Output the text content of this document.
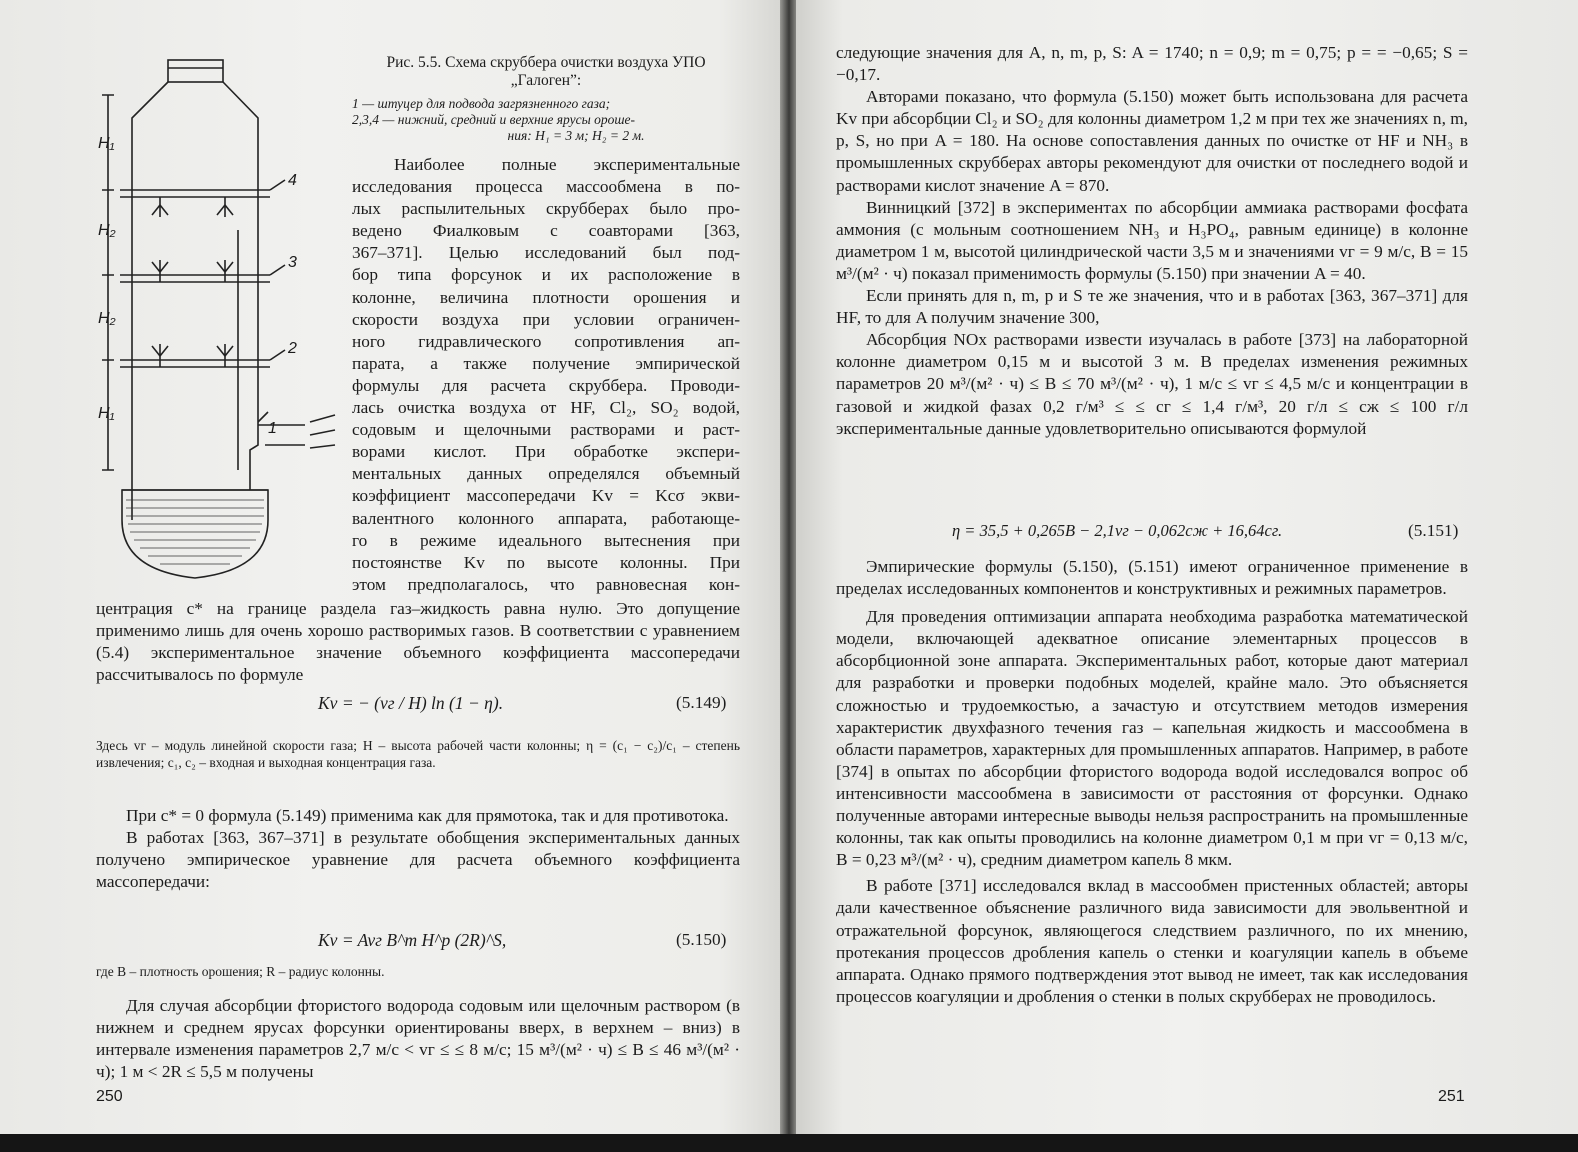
H₁
H₂
H₂
H₁
4
3
2
1
Рис. 5.5. Схема скруббера очистки воздуха УПО
„Галоген”:
1 — штуцер для подвода загрязненного газа;
2,3,4 — нижний, средний и верхние ярусы ороше-
ния: H₁ = 3 м; H₂ = 2 м.
Наиболее полные экспериментальные
исследования процесса массообмена в по-
лых распылительных скрубберах было про-
ведено Фиалковым с соавторами [363,
367–371]. Целью исследований был под-
бор типа форсунок и их расположение в
колонне, величина плотности орошения и
скорости воздуха при условии ограничен-
ного гидравлического сопротивления ап-
парата, а также получение эмпирической
формулы для расчета скруббера. Проводи-
лась очистка воздуха от HF, Cl₂, SO₂ водой,
содовым и щелочными растворами и раст-
ворами кислот. При обработке экспери-
ментальных данных определялся объемный
коэффициент массопередачи Kv = Kcσ экви-
валентного колонного аппарата, работающе-
го в режиме идеального вытеснения при
постоянстве Kv по высоте колонны. При
этом предполагалось, что равновесная кон-

центрация c* на границе раздела газ–жидкость равна нулю. Это допущение применимо лишь для очень хорошо растворимых газов. В соответствии с уравнением (5.4) экспериментальное значение объемного коэффициента массопередачи рассчитывалось по формуле

Kv = − (vг / H) ln (1 − η).	(5.149)

Здесь vг – модуль линейной скорости газа; H – высота рабочей части колонны; η = (c₁ − c₂)/c₁ – степень извлечения; c₁, c₂ – входная и выходная концентрация газа.

При c* = 0 формула (5.149) применима как для прямотока, так и для противотока.

В работах [363, 367–371] в результате обобщения экспериментальных данных получено эмпирическое уравнение для расчета объемного коэффициента массопередачи:

Kv = Avг B^m H^p (2R)^S,	(5.150)

где B – плотность орошения; R – радиус колонны.

Для случая абсорбции фтористого водорода содовым или щелочным раствором (в нижнем и среднем ярусах форсунки ориентированы вверх, в верхнем – вниз) в интервале изменения параметров 2,7 м/с < vг ≤ ≤ 8 м/с; 15 м³/(м² · ч) ≤ B ≤ 46 м³/(м² · ч); 1 м < 2R ≤ 5,5 м получены

250

следующие значения для A, n, m, p, S: A = 1740; n = 0,9; m = 0,75; p = = −0,65; S = −0,17.

Авторами показано, что формула (5.150) может быть использована для расчета Kv при абсорбции Cl₂ и SO₂ для колонны диаметром 1,2 м при тех же значениях n, m, p, S, но при A = 180. На основе сопоставления данных по очистке от HF и NH₃ в промышленных скрубберах авторы рекомендуют для очистки от последнего водой и растворами кислот значение A = 870.

Винницкий [372] в экспериментах по абсорбции аммиака растворами фосфата аммония (с мольным соотношением NH₃ и H₃PO₄, равным единице) в колонне диаметром 1 м, высотой цилиндрической части 3,5 м и значениями vг = 9 м/с, B = 15 м³/(м² · ч) показал применимость формулы (5.150) при значении A = 40.

Если принять для n, m, p и S те же значения, что и в работах [363, 367–371] для HF, то для A получим значение 300,

Абсорбция NOx растворами извести изучалась в работе [373] на лабораторной колонне диаметром 0,15 м и высотой 3 м. В пределах изменения режимных параметров 20 м³/(м² · ч) ≤ B ≤ 70 м³/(м² · ч), 1 м/с ≤ vг ≤ 4,5 м/с и концентрации в газовой и жидкой фазах 0,2 г/м³ ≤ ≤ cг ≤ 1,4 г/м³, 20 г/л ≤ cж ≤ 100 г/л экспериментальные данные удовлетворительно описываются формулой

η = 35,5 + 0,265B − 2,1vг − 0,062cж + 16,64cг.	(5.151)

Эмпирические формулы (5.150), (5.151) имеют ограниченное применение в пределах исследованных компонентов и конструктивных и режимных параметров.

Для проведения оптимизации аппарата необходима разработка математической модели, включающей адекватное описание элементарных процессов в абсорбционной зоне аппарата. Экспериментальных работ, которые дают материал для разработки и проверки подобных моделей, крайне мало. Это объясняется сложностью и трудоемкостью, а зачастую и отсутствием методов измерения характеристик двухфазного течения газ – капельная жидкость и массообмена в области параметров, характерных для промышленных аппаратов. Например, в работе [374] в опытах по абсорбции фтористого водорода водой исследовался вопрос об интенсивности массообмена в зависимости от расстояния от форсунки. Однако полученные авторами интересные выводы нельзя распространить на промышленные колонны, так как опыты проводились на колонне диаметром 0,1 м при vг = 0,13 м/с, B = 0,23 м³/(м² · ч), средним диаметром капель 8 мкм.

В работе [371] исследовался вклад в массообмен пристенных областей; авторы дали качественное объяснение различного вида зависимости для эвольвентной и отражательной форсунок, являющегося следствием различного, по их мнению, протекания процессов дробления капель о стенки и коагуляции капель в объеме аппарата. Однако прямого подтверждения этот вывод не имеет, так как исследования процессов коагуляции и дробления о стенки в полых скрубберах не проводилось.

251
